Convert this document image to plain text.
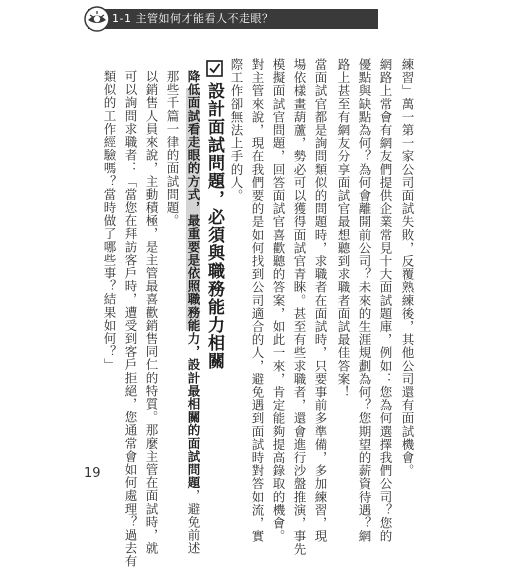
1-1 主管如何才能看人不走眼？
練習」萬一第一家公司面試失敗，反覆熟練後，其他公司還有面試機會。
網路上常會有網友們提供企業常見十大面試題庫，例如：您為何選擇我們公司？您的
優點與缺點為何？為何會離開前公司？未來的生涯規劃為何？您期望的薪資待遇？網
路上甚至有網友分享面試官最想聽到求職者面試最佳答案！
當面試官都是詢問類似的問題時，求職者在面試時，只要事前多準備，多加練習，現
場依樣畫葫蘆，勢必可以獲得面試官青睞。甚至有些求職者，還會進行沙盤推演，事先
模擬面試官問題，回答面試官喜歡聽的答案，如此一來，肯定能夠提高錄取的機會。
對主管來說，現在我們要的是如何找到公司適合的人，避免遇到面試時對答如流，實
際工作卻無法上手的人。
設計面試問題，必須與職務能力相關
降低面試看走眼的方式，最重要是依照職務能力，設計最相關的面試問題，避免前述
那些千篇一律的面試問題。
以銷售人員來說，主動積極，是主管最喜歡銷售同仁的特質。那麼主管在面試時，就
可以詢問求職者：「當您在拜訪客戶時，遭受到客戶拒絕，您通常會如何處理？過去有
類似的工作經驗嗎？當時做了哪些事？結果如何？」
19
